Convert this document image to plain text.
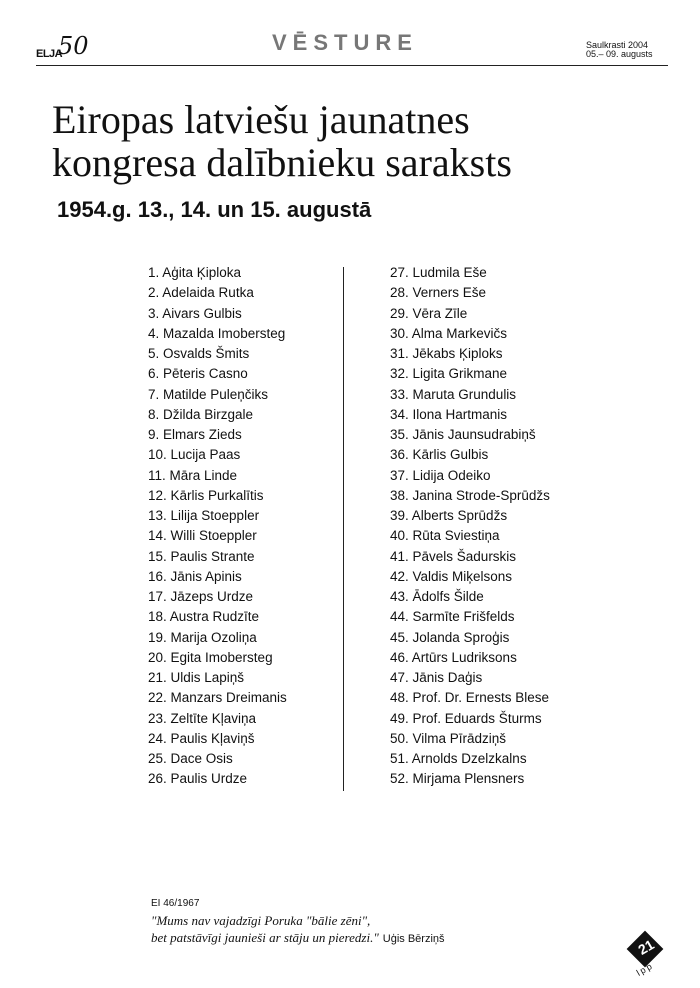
ELJA
50	VĒSTURE	Saulkrasti 2004
05.– 09. augusts
Eiropas latviešu jaunatnes
kongresa dalībnieku saraksts
1954.g. 13., 14. un 15. augustā
1. Aģita Ķiploka
2. Adelaida Rutka
3. Aivars Gulbis
4. Mazalda Imobersteg
5. Osvalds Šmits
6. Pēteris Casno
7. Matilde Puleņčiks
8. Džilda Birzgale
9. Elmars Zieds
10. Lucija Paas
11. Māra Linde
12. Kārlis Purkalītis
13. Lilija Stoeppler
14. Willi Stoeppler
15. Paulis Strante
16. Jānis Apinis
17. Jāzeps Urdze
18. Austra Rudzīte
19. Marija Ozoliņa
20. Egita Imobersteg
21. Uldis Lapiņš
22. Manzars Dreimanis
23. Zeltīte Kļaviņa
24. Paulis Kļaviņš
25. Dace Osis
26. Paulis Urdze
27. Ludmila Eše
28. Verners Eše
29. Vēra Zīle
30. Alma Markevičs
31. Jēkabs Ķiploks
32. Ligita Grikmane
33. Maruta Grundulis
34. Ilona Hartmanis
35. Jānis Jaunsudrabiņš
36. Kārlis Gulbis
37. Lidija Odeiko
38. Janina Strode-Sprūdžs
39. Alberts Sprūdžs
40. Rūta Sviestiņa
41. Pāvels Šadurskis
42. Valdis Miķelsons
43. Ādolfs Šilde
44. Sarmīte Frišfelds
45. Jolanda Sproģis
46. Artūrs Ludriksons
47. Jānis Daģis
48. Prof. Dr. Ernests Blese
49. Prof. Eduards Šturms
50. Vilma Pīrādziņš
51. Arnolds Dzelzkalns
52. Mirjama Plensners
EI 46/1967
"Mums nav vajadzīgi Poruka "bālie zēni",
bet patstāvīgi jaunieši ar stāju un pieredzi." Uģis Bērziņš	21
lpp
